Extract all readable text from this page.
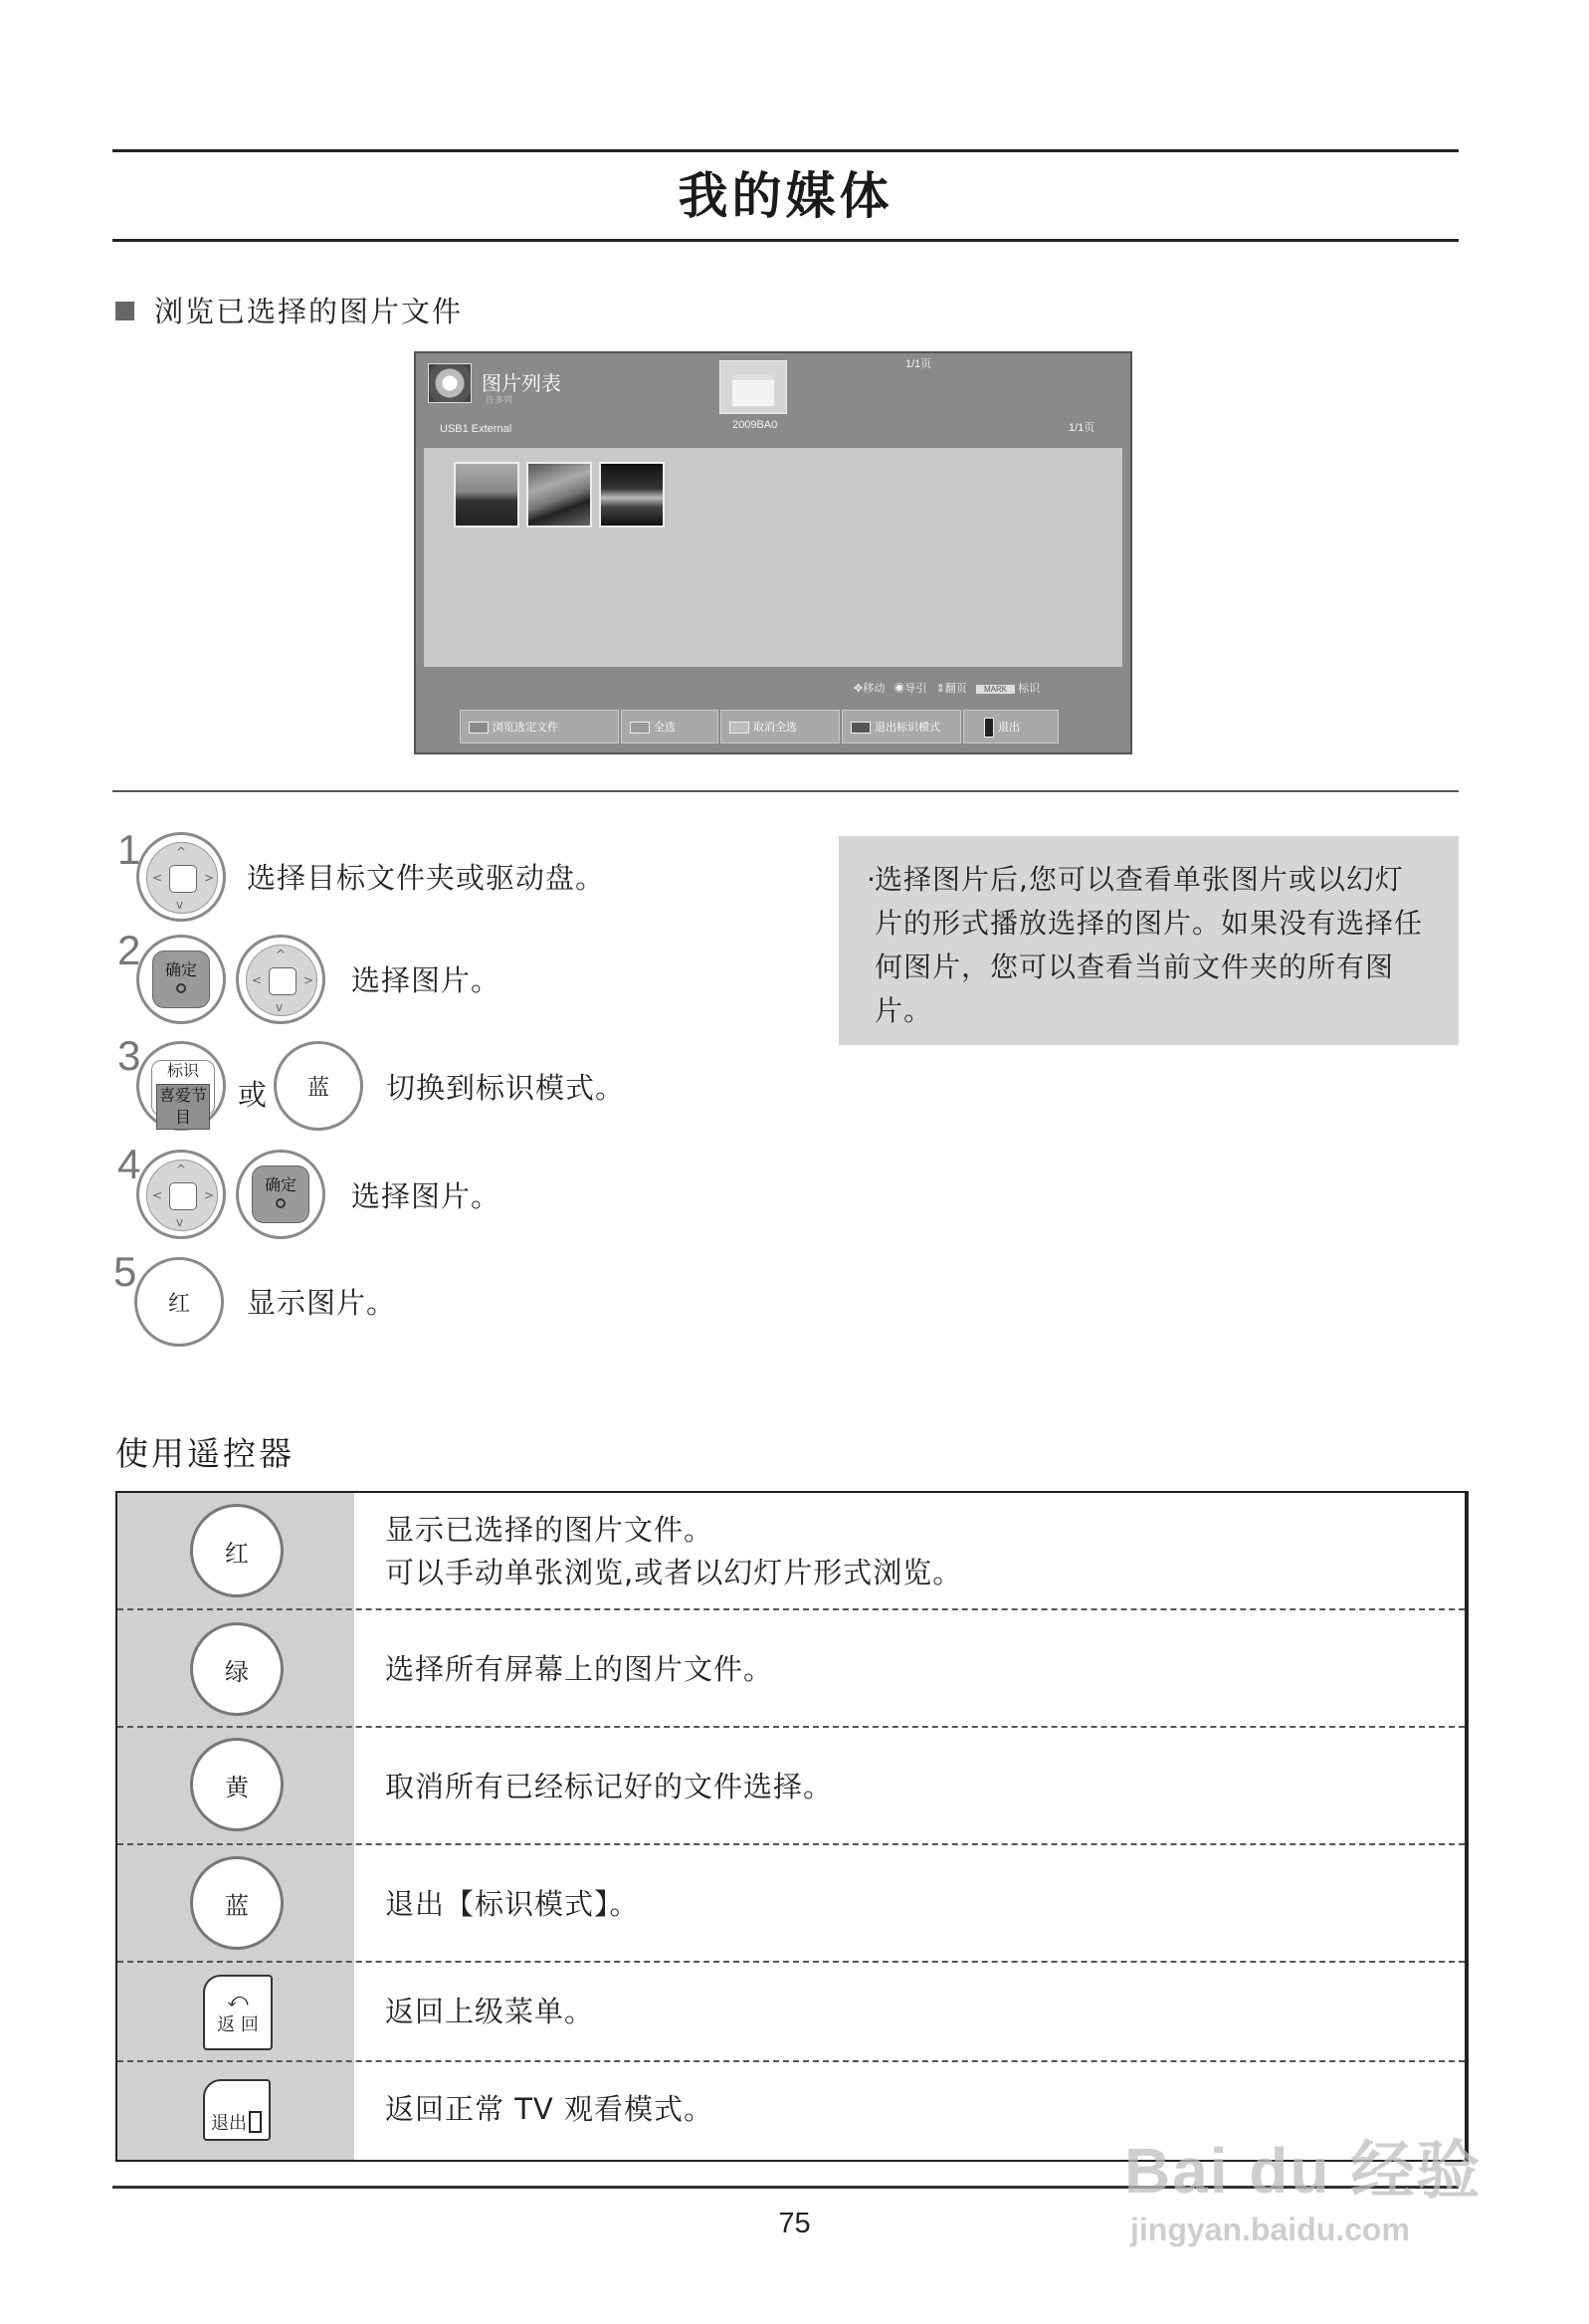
我的媒体
浏览已选择的图片文件
图片列表
许多列
1/1页
2009BA0
USB1 External	1/1页
✥移动 ◉导引 ⇕翻页 MARK 标识
浏览选定文件	全选	取消全选	退出标识模式	退出
1	^
v
<	> 选择目标文件夹或驱动盘。
2	确定
^
v
<	> 选择图片。
3	标识
喜爱节目
或 蓝 切换到标识模式。
4	^
v
<	>
确定	选择图片。
5
红 显示图片。
·
选择图片后,您可以查看单张图片或以幻灯片的形式播放选择的图片。如果没有选择任何图片，您可以查看当前文件夹的所有图片。
使用遥控器
红
显示已选择的图片文件。
可以手动单张浏览,或者以幻灯片形式浏览。
绿	选择所有屏幕上的图片文件。
黄	取消所有已经标记好的文件选择。
蓝	退出【标识模式】。
⤺
返 回	返回上级菜单。
退出	返回正常 TV 观看模式。
75
Bai du 经验
jingyan.baidu.com
